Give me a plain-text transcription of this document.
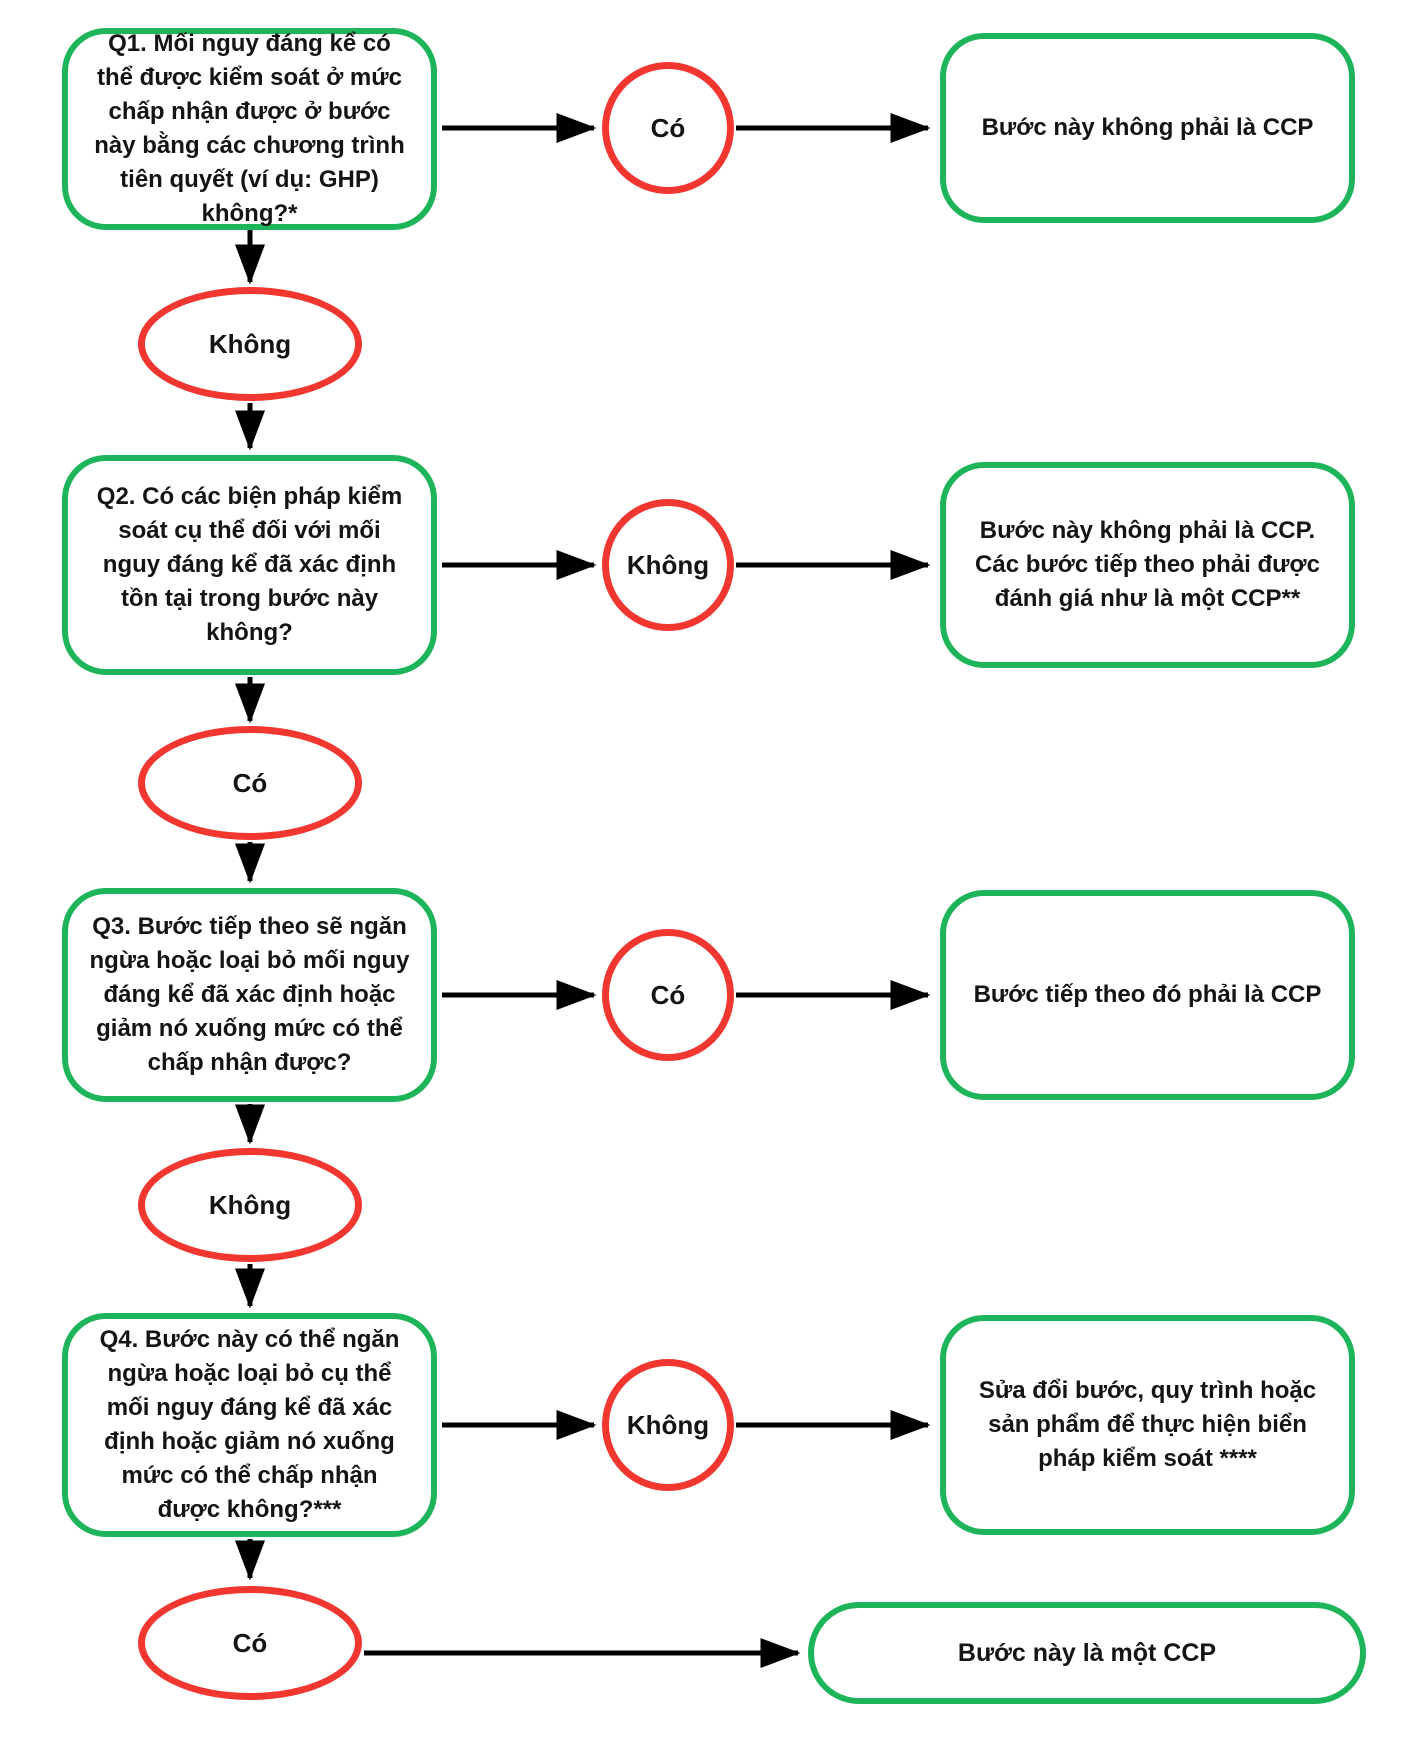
Q1. Mối nguy đáng kể có thể được kiểm soát ở mức chấp nhận được ở bước này bằng các chương trình tiên quyết (ví dụ: GHP) không?*
Q2. Có các biện pháp kiểm soát cụ thể đối với mối nguy đáng kể đã xác định tồn tại trong bước này không?
Q3. Bước tiếp theo sẽ ngăn ngừa hoặc loại bỏ mối nguy đáng kể đã xác định hoặc giảm nó xuống mức có thể chấp nhận được?
Q4. Bước này có thể ngăn ngừa hoặc loại bỏ cụ thể mối nguy đáng kể đã xác định hoặc giảm nó xuống mức có thể chấp nhận được không?***
Không
Có
Không
Có
Có
Không
Có
Không
Bước này không phải là CCP
Bước này không phải là CCP. Các bước tiếp theo phải được đánh giá như là một CCP**
Bước tiếp theo đó phải là CCP
Sửa đổi bước, quy trình hoặc sản phẩm để thực hiện biển pháp kiểm soát ****
Bước này là một CCP
